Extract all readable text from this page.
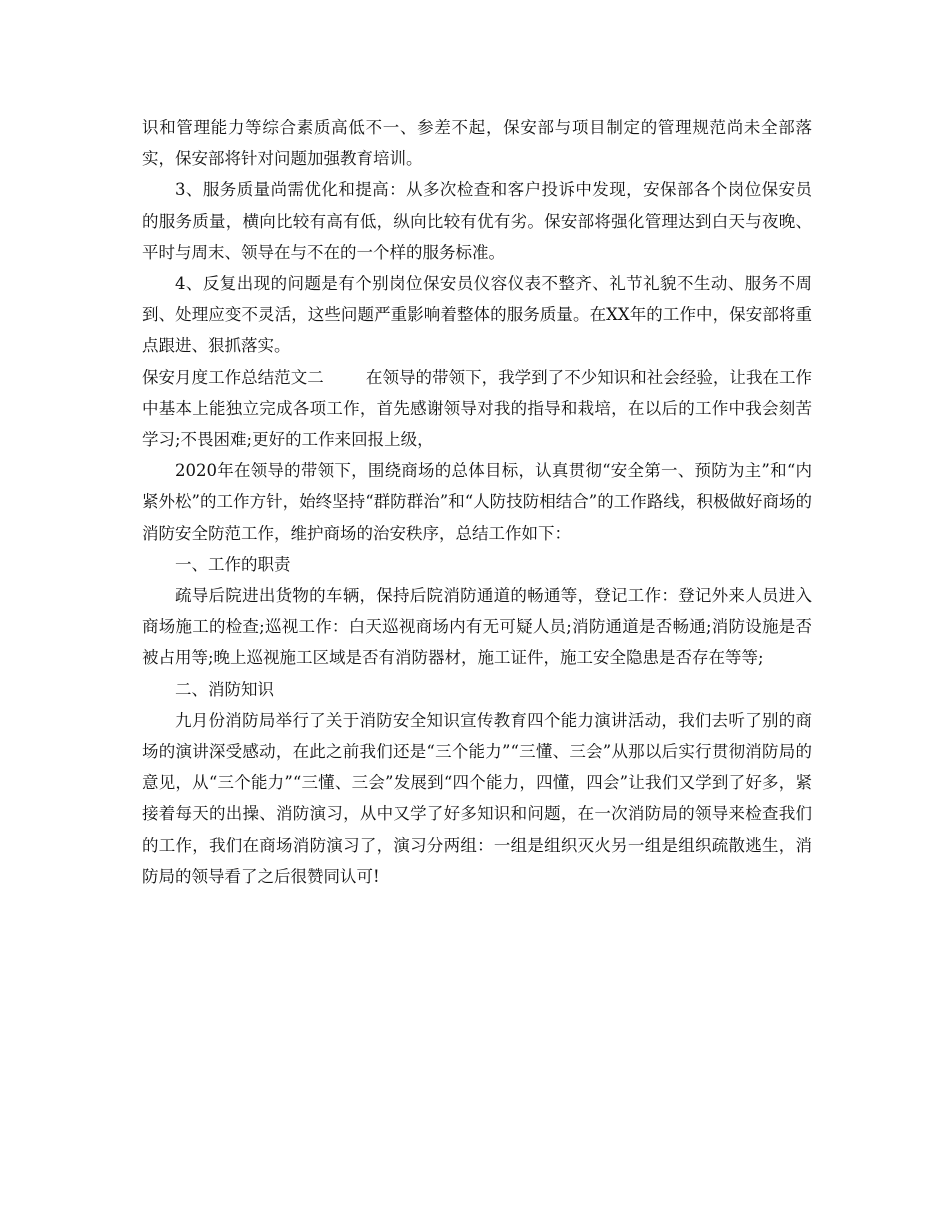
识和管理能力等综合素质高低不一、参差不起，保安部与项目制定的管理规范尚未全部落实，保安部将针对问题加强教育培训。

3、服务质量尚需优化和提高：从多次检查和客户投诉中发现，安保部各个岗位保安员的服务质量，横向比较有高有低，纵向比较有优有劣。保安部将强化管理达到白天与夜晚、平时与周末、领导在与不在的一个样的服务标准。

4、反复出现的问题是有个别岗位保安员仪容仪表不整齐、礼节礼貌不生动、服务不周到、处理应变不灵活，这些问题严重影响着整体的服务质量。在XX年的工作中，保安部将重点跟进、狠抓落实。

保安月度工作总结范文二	在领导的带领下，我学到了不少知识和社会经验，让我在工作中基本上能独立完成各项工作，首先感谢领导对我的指导和栽培，在以后的工作中我会刻苦学习;不畏困难;更好的工作来回报上级，

2020年在领导的带领下，围绕商场的总体目标，认真贯彻“安全第一、预防为主”和“内紧外松”的工作方针，始终坚持“群防群治”和“人防技防相结合”的工作路线，积极做好商场的消防安全防范工作，维护商场的治安秩序，总结工作如下：

一、工作的职责

疏导后院进出货物的车辆，保持后院消防通道的畅通等，登记工作：登记外来人员进入商场施工的检查;巡视工作：白天巡视商场内有无可疑人员;消防通道是否畅通;消防设施是否被占用等;晚上巡视施工区域是否有消防器材，施工证件，施工安全隐患是否存在等等;

二、消防知识

九月份消防局举行了关于消防安全知识宣传教育四个能力演讲活动，我们去听了别的商场的演讲深受感动，在此之前我们还是“三个能力”“三懂、三会”从那以后实行贯彻消防局的意见，从“三个能力”“三懂、三会”发展到“四个能力，四懂，四会”让我们又学到了好多，紧接着每天的出操、消防演习，从中又学了好多知识和问题，在一次消防局的领导来检查我们的工作，我们在商场消防演习了，演习分两组：一组是组织灭火另一组是组织疏散逃生，消防局的领导看了之后很赞同认可!
